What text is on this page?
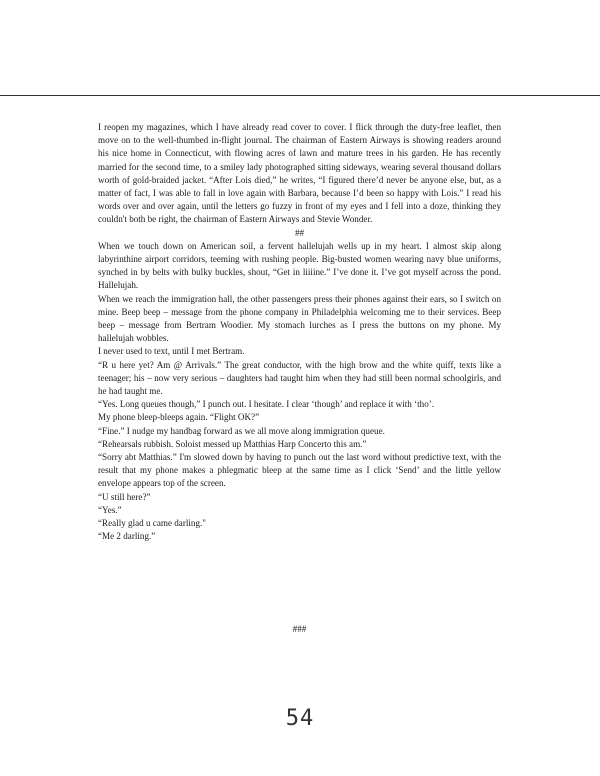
I reopen my magazines, which I have already read cover to cover. I flick through the duty-free leaflet, then move on to the well-thumbed in-flight journal. The chairman of Eastern Airways is showing readers around his nice home in Connecticut, with flowing acres of lawn and mature trees in his garden. He has recently married for the second time, to a smiley lady photographed sitting sideways, wearing several thousand dollars worth of gold-braided jacket. “After Lois died,” he writes, “I figured there’d never be anyone else, but, as a matter of fact, I was able to fall in love again with Barbara, because I’d been so happy with Lois.” I read his words over and over again, until the letters go fuzzy in front of my eyes and I fell into a doze, thinking they couldn't both be right, the chairman of Eastern Airways and Stevie Wonder.

##

When we touch down on American soil, a fervent hallelujah wells up in my heart. I almost skip along labyrinthine airport corridors, teeming with rushing people. Big-busted women wearing navy blue uniforms, synched in by belts with bulky buckles, shout, “Get in liiiine.” I’ve done it. I’ve got myself across the pond. Hallelujah.

When we reach the immigration hall, the other passengers press their phones against their ears, so I switch on mine. Beep beep – message from the phone company in Philadelphia welcoming me to their services. Beep beep – message from Bertram Woodier. My stomach lurches as I press the buttons on my phone. My hallelujah wobbles.

I never used to text, until I met Bertram.

“R u here yet? Am @ Arrivals.” The great conductor, with the high brow and the white quiff, texts like a teenager; his – now very serious – daughters had taught him when they had still been normal schoolgirls, and he had taught me.

“Yes. Long queues though,” I punch out. I hesitate. I clear ‘though’ and replace it with ‘tho’.

My phone bleep-bleeps again. “Flight OK?”

“Fine.” I nudge my handbag forward as we all move along immigration queue.

“Rehearsals rubbish. Soloist messed up Matthias Harp Concerto this am.”

“Sorry abt Matthias.” I'm slowed down by having to punch out the last word without predictive text, with the result that my phone makes a phlegmatic bleep at the same time as I click ‘Send’ and the little yellow envelope appears top of the screen.

“U still here?”

“Yes.”

“Really glad u came darling."

“Me 2 darling.”

###
54
